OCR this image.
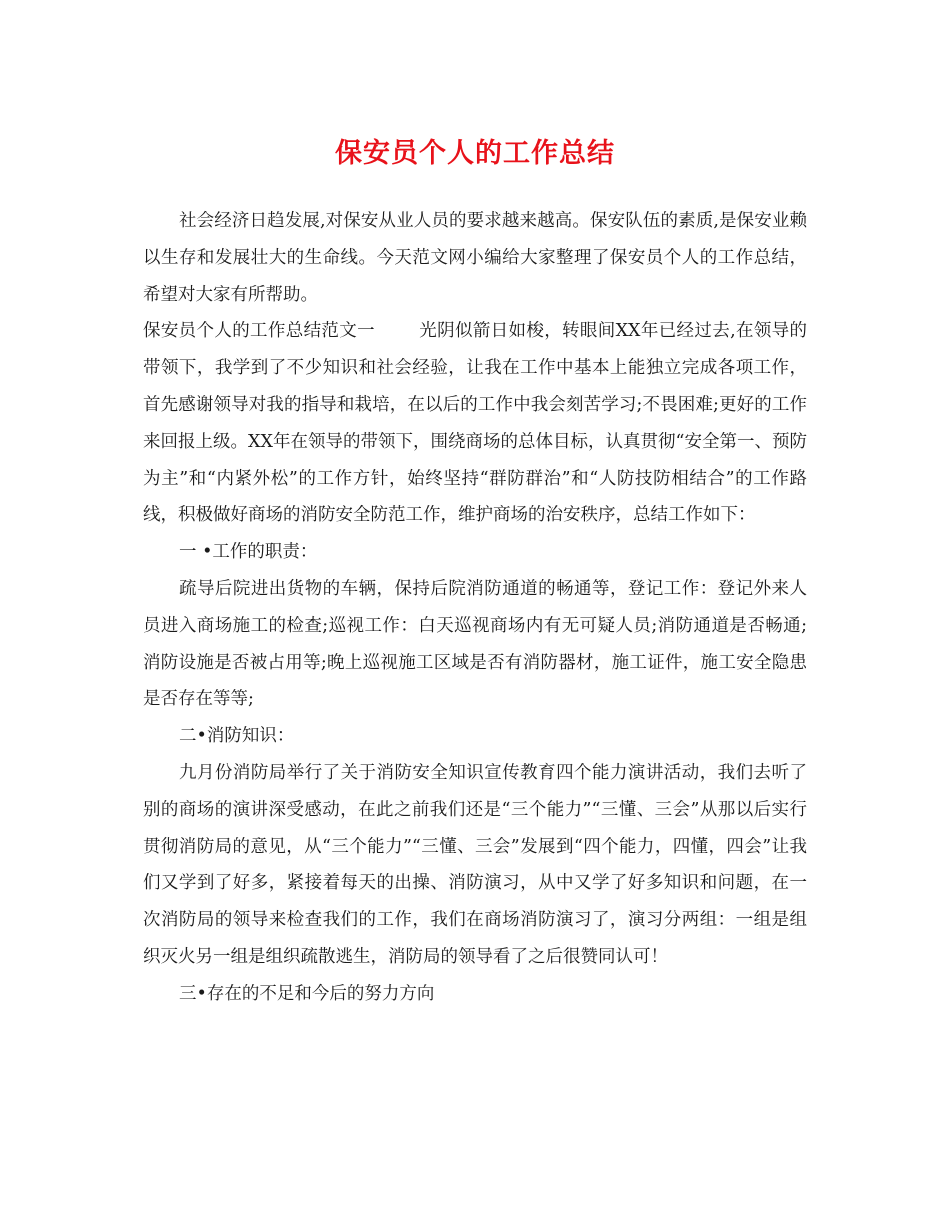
保安员个人的工作总结

社会经济日趋发展,对保安从业人员的要求越来越高。保安队伍的素质,是保安业赖以生存和发展壮大的生命线。今天范文网小编给大家整理了保安员个人的工作总结，希望对大家有所帮助。

保安员个人的工作总结范文一	光阴似箭日如梭，转眼间XX年已经过去,在领导的带领下，我学到了不少知识和社会经验，让我在工作中基本上能独立完成各项工作，首先感谢领导对我的指导和栽培，在以后的工作中我会刻苦学习;不畏困难;更好的工作来回报上级。XX年在领导的带领下，围绕商场的总体目标，认真贯彻“安全第一、预防为主”和“内紧外松”的工作方针，始终坚持“群防群治”和“人防技防相结合”的工作路线，积极做好商场的消防安全防范工作，维护商场的治安秩序，总结工作如下：

一 •工作的职责：

疏导后院进出货物的车辆，保持后院消防通道的畅通等，登记工作：登记外来人员进入商场施工的检查;巡视工作：白天巡视商场内有无可疑人员;消防通道是否畅通;消防设施是否被占用等;晚上巡视施工区域是否有消防器材，施工证件，施工安全隐患是否存在等等;

二•消防知识：

九月份消防局举行了关于消防安全知识宣传教育四个能力演讲活动，我们去听了别的商场的演讲深受感动，在此之前我们还是“三个能力”“三懂、三会”从那以后实行贯彻消防局的意见，从“三个能力”“三懂、三会”发展到“四个能力，四懂，四会”让我们又学到了好多，紧接着每天的出操、消防演习，从中又学了好多知识和问题，在一次消防局的领导来检查我们的工作，我们在商场消防演习了，演习分两组：一组是组织灭火另一组是组织疏散逃生，消防局的领导看了之后很赞同认可！

三•存在的不足和今后的努力方向
